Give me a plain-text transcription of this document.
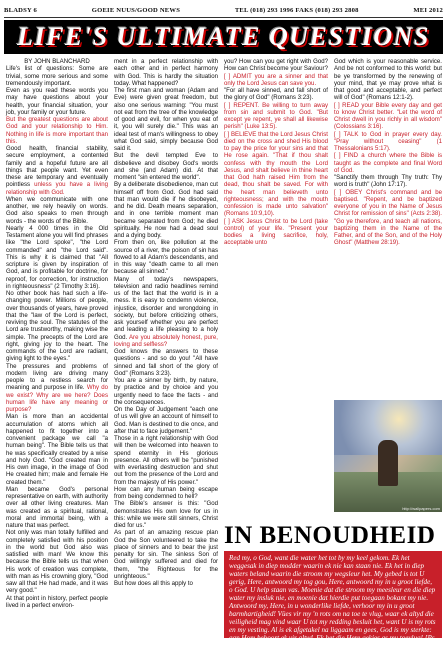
BLADSY 6	GOEIE NUUS/GOOD NEWS	TEL (018) 293 1996 FAKS (018) 293 2808	MEI 2012
LIFE'S ULTIMATE QUESTIONS

BY JOHN BLANCHARD

Life's list of questions: Some are trivial, some more serious and some tremendously important.

Even as you read these words you may have questions about your health, your financial situation, your job, your family or your future.

But the greatest questions are about God and your relationship to Him. Nothing in life is more important than this.

Good health, financial stability, secure employment, a contented family and a hopeful future are all things that people want. Yet even these are temporary and eventually pointless unless you have a living relationship with God.

When we communicate with one another, we rely heavily on words. God also speaks to men through words - the words of the Bible.

Nearly 4 000 times in the Old Testament alone you will find phrases like "the Lord spoke", "the Lord commanded" and "the Lord said". This is why it is claimed that "All scripture is given by inspiration of God, and is profitable for doctrine, for reproof, for correction, for instruction in righteousness" (2 Timothy 3:16).

No other book has had such a life-changing power. Millions of people, over thousands of years, have proved that the "law of the Lord is perfect, reviving the soul. The statutes of the Lord are trustworthy, making wise the simple. The precepts of the Lord are right, giving joy to the heart. The commands of the Lord are radiant, giving light to the eyes."

The pressures and problems of modern living are driving many people to a restless search for meaning and purpose in life. Why do we exist? Why are we here? Does human life have any meaning or purpose?

Man is more than an accidental accumulation of atoms which all happened to fit together into a convenient package we call "a human being". The Bible tells us that he was specifically created by a wise and holy God. "God created man in His own image, in the image of God He created him; male and female He created them."

Man became God's personal representative on earth, with authority over all other living creatures. Man was created as a spiritual, rational, moral and immortal being, with a nature that was perfect.

Not only was man totally fulfilled and completely satisfied with his position in the world but God also was satisfied with man! We know this because the Bible tells us that when His work of creation was complete, with man as His crowning glory, "God saw all that He had made, and it was very good."

At that point in history, perfect people lived in a perfect environ-

ment in a perfect relationship with each other and in perfect harmony with God. This is hardly the situation today. What happened?

The first man and woman (Adam and Eve) were given great freedom, but also one serious warning: "You must not eat from the tree of the knowledge of good and evil, for when you eat of it, you will surely die." This was an ideal test of man's willingness to obey what God said, simply because God said it.

But the devil tempted Eve to disbelieve and disobey God's words and she (and Adam) did. At that moment "sin entered the world".

By a deliberate disobedience, man cut himself off from God. God had said that man would die if he disobeyed, and he did. Death means separation, and in one terrible moment man became separated from God; he died spiritually. He now had a dead soul and a dying body.

From then on, like pollution at the source of a river, the poison of sin has flowed to all Adam's descendants, and in this way "death came to all men because all sinned."

Many of today's newspapers, television and radio headlines remind us of the fact that the world is in a mess. It is easy to condemn violence, injustice, disorder and wrongdoing in society, but before criticizing others, ask yourself whether you are perfect and leading a life pleasing to a holy God. Are you absolutely honest, pure, loving and selfless?

God knows the answers to these questions - and so do you! "All have sinned and fall short of the glory of God" (Romans 3:23).

You are a sinner by birth, by nature, by practice and by choice and you urgently need to face the facts - and the consequences.

On the Day of Judgement "each one of us will give an account of himself to God. Man is destined to die once, and after that to face judgement."

Those in a right relationship with God will then be welcomed into heaven to spend eternity in His glorious presence. All others will be "punished with everlasting destruction and shut out from the presence of the Lord and from the majesty of His power."

How can any human being escape from being condemned to hell?

The Bible's answer is this: "God demonstrates His own love for us in this: while we were still sinners, Christ died for us."

As part of an amazing rescue plan God the Son volunteered to take the place of sinners and to bear the just penalty for sin. The sinless Son of God willingly suffered and died for them, "the Righteous for the unrighteous."

But how does all this apply to

you? How can you get right with God? How can Christ become your Saviour?

[ ] ADMIT you are a sinner and that only the Lord Jesus can save you.

"For all have sinned, and fall short of the glory of God" (Romans 3:23).

[ ] REPENT. Be willing to turn away from sin and submit to God. "But except ye repent, ye shall all likewise perish" (Luke 13:5).

[ ] BELIEVE that the Lord Jesus Christ died on the cross and shed His blood to pay the price for your sins and that He rose again. "That if thou shalt confess with thy mouth the Lord Jesus, and shalt believe in thine heart that God hath raised Him from the dead, thou shalt be saved. For with the heart man believeth unto righteousness; and with the mouth confession is made unto salvation" (Romans 10:9,10).

[ ] ASK Jesus Christ to be Lord (take control) of your life. "Present your bodies a living sacrifice, holy, acceptable unto

God which is your reasonable service. And be not conformed to this world: but be ye transformed by the renewing of your mind, that ye may prove what is that good and acceptable, and perfect will of God" (Romans 12:1-2).

[ ] READ your Bible every day and get to know Christ better. "Let the word of Christ dwell in you richly in all wisdom" (Colossians 3:16).

[ ] TALK to God in prayer every day. "Pray without ceasing" (1 Thessalonians 5:17).

[ ] FIND a church where the Bible is taught as the complete and final Word of God.

"Sanctify them through Thy truth: Thy word is truth" (John 17:17).

[ ] OBEY Christ's command and be baptised. "Repent, and be baptized everyone of you in the Name of Jesus Christ for remission of sins" (Acts 2:38). "Go ye therefore, and teach all nations, baptizing them in the Name of the Father, and of the Son, and of the Holy Ghost" (Matthew 28:19).

http://wallpapers.com
IN BENOUDHEID
Red my, o God, want die water het tot by my keel gekom. Ek het weggesak in diep modder waarin ek nie kan staan nie. Ek het in diep waters beland waarin die stroom my wegsleur het. My gebed is tot U gerig, Here, antwoord my tog gou, Here, antwoord my in u groot liefde, o God. U help staan vas. Moenie dat die stroom my meesleur en die diep water my insluk nie, en moenie dat hierdie put toegaan bokant my nie. Antwoord my, Here, in u wonderlike liefde, verhoor my in u groot barmhartigheid! Vües vir my 'n rots om na toe te vlug, waar ek altyd die veiligheid mag vind waar U tot my redding besluit het, want U is my rots en my vesting. Al is ek afgetakel na liggaam en gees, God is my sterkte: aan Hom behoort ek vir altyd. Ek het die Here gekies as my toevlug! [Ps. 69:2,3,14,16,17; Ps. 71:3; Ps. 73:26,28 (DB)].
